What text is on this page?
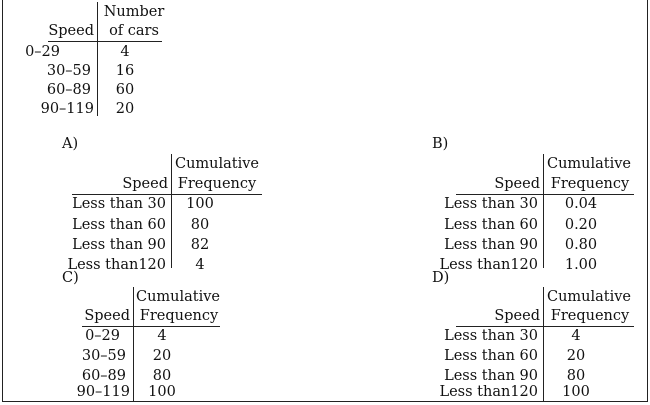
Number
Speed	of cars
0–29	4
30–59	16
60–89	60
90–119	20
A)
Cumulative
Speed Frequency
Less than 30	100
Less than 60	80
Less than 90	82
Less than120	4
B)
Cumulative
Speed Frequency
Less than 30	0.04
Less than 60	0.20
Less than 90	0.80
Less than120	1.00
C)
Cumulative
Speed Frequency
0–29	4
30–59	20
60–89	80
90–119	100
D)
Cumulative
Speed Frequency
Less than 30	4
Less than 60	20
Less than 90	80
Less than120	100
